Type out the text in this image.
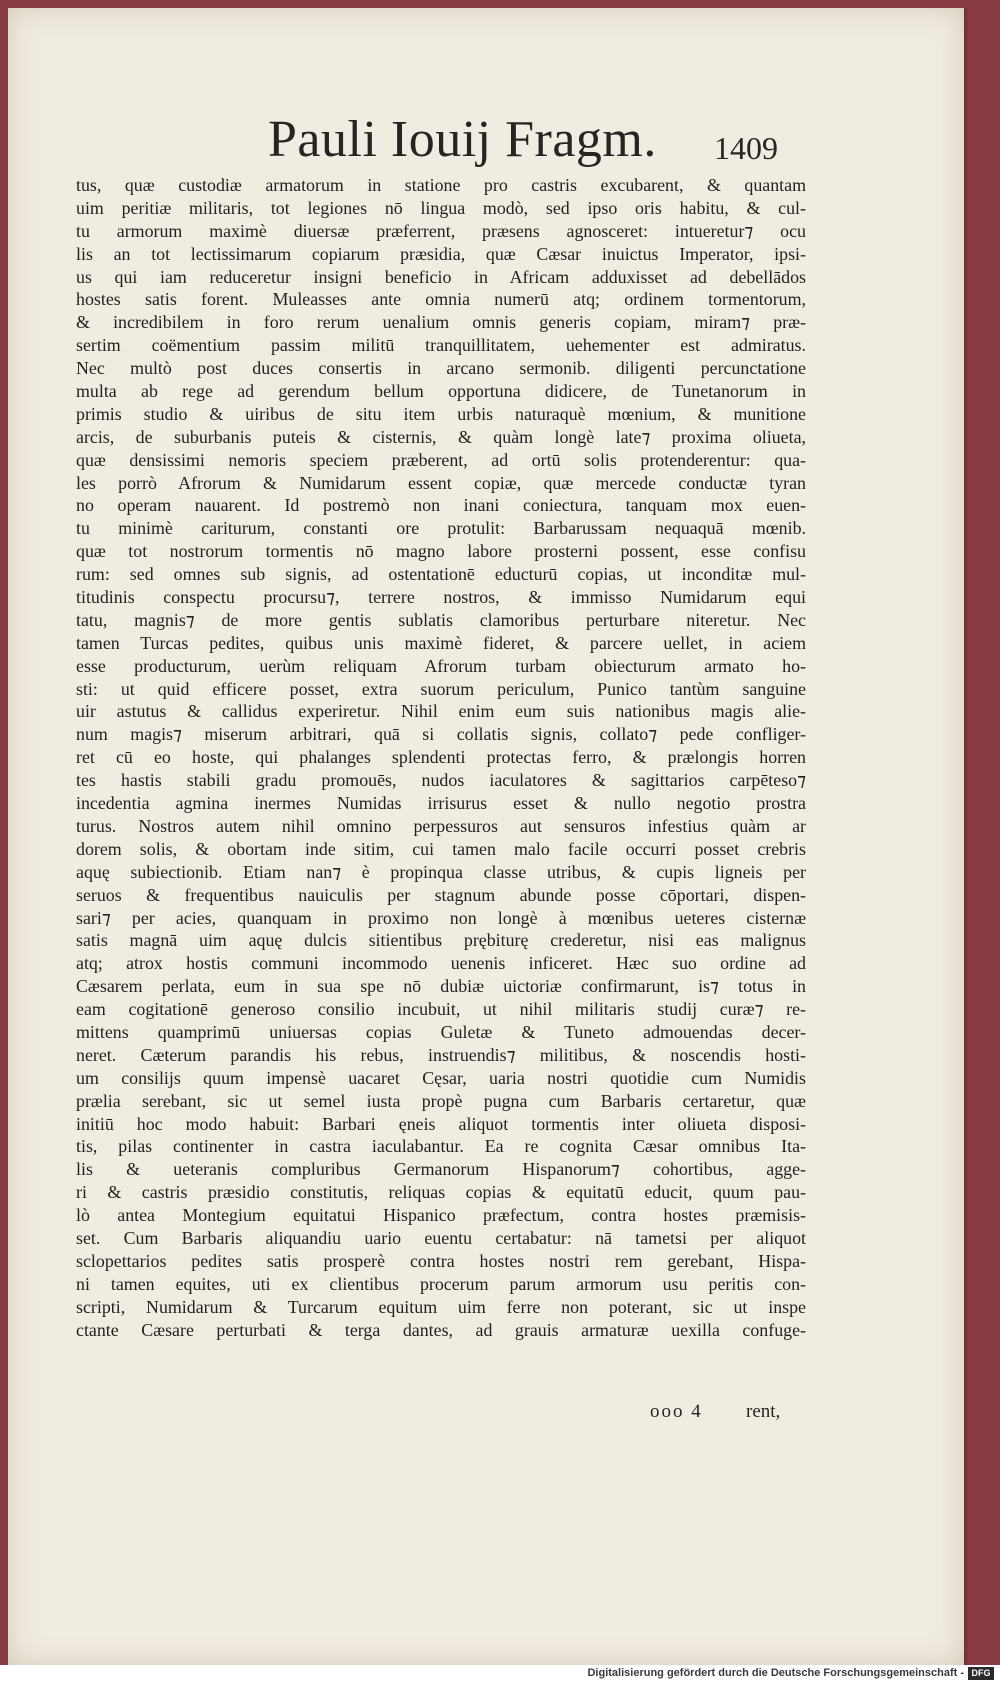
Pauli Iouij Fragm. 1409
tus, quæ custodiæ armatorum in statione pro castris excubarent, & quantam
uim peritiæ militaris, tot legiones nō lingua modò, sed ipso oris habitu, & cul-
tu armorum maximè diuersæ præferrent, præsens agnosceret: intueretur⁊ ocu
lis an tot lectissimarum copiarum præsidia, quæ Cæsar inuictus Imperator, ipsi-
us qui iam reduceretur insigni beneficio in Africam adduxisset ad debellādos
hostes satis forent. Muleasses ante omnia numerū atq; ordinem tormentorum,
& incredibilem in foro rerum uenalium omnis generis copiam, miram⁊ præ-
sertim coëmentium passim militū tranquillitatem, uehementer est admiratus.
Nec multò post duces consertis in arcano sermonib. diligenti percunctatione
multa ab rege ad gerendum bellum opportuna didicere, de Tunetanorum in
primis studio & uiribus de situ item urbis naturaquè mœnium, & munitione
arcis, de suburbanis puteis & cisternis, & quàm longè late⁊ proxima oliueta,
quæ densissimi nemoris speciem præberent, ad ortū solis protenderentur: qua-
les porrò Afrorum & Numidarum essent copiæ, quæ mercede conductæ tyran
no operam nauarent. Id postremò non inani coniectura, tanquam mox euen-
tu minimè cariturum, constanti ore protulit: Barbarussam nequaquā mœnib.
quæ tot nostrorum tormentis nō magno labore prosterni possent, esse confisu
rum: sed omnes sub signis, ad ostentationē educturū copias, ut inconditæ mul-
titudinis conspectu procursu⁊, terrere nostros, & immisso Numidarum equi
tatu, magnis⁊ de more gentis sublatis clamoribus perturbare niteretur. Nec
tamen Turcas pedites, quibus unis maximè fideret, & parcere uellet, in aciem
esse producturum, uerùm reliquam Afrorum turbam obiecturum armato ho-
sti: ut quid efficere posset, extra suorum periculum, Punico tantùm sanguine
uir astutus & callidus experiretur. Nihil enim eum suis nationibus magis alie-
num magis⁊ miserum arbitrari, quā si collatis signis, collato⁊ pede confliger-
ret cū eo hoste, qui phalanges splendenti protectas ferro, & prælongis horren
tes hastis stabili gradu promouēs, nudos iaculatores & sagittarios carpēteso⁊
incedentia agmina inermes Numidas irrisurus esset & nullo negotio prostra
turus. Nostros autem nihil omnino perpessuros aut sensuros infestius quàm ar
dorem solis, & obortam inde sitim, cui tamen malo facile occurri posset crebris
aquę subiectionib. Etiam nan⁊ è propinqua classe utribus, & cupis ligneis per
seruos & frequentibus nauiculis per stagnum abunde posse cōportari, dispen-
sari⁊ per acies, quanquam in proximo non longè à mœnibus ueteres cisternæ
satis magnā uim aquę dulcis sitientibus prębiturę crederetur, nisi eas malignus
atq; atrox hostis communi incommodo uenenis inficeret. Hæc suo ordine ad
Cæsarem perlata, eum in sua spe nō dubiæ uictoriæ confirmarunt, is⁊ totus in
eam cogitationē generoso consilio incubuit, ut nihil militaris studij curæ⁊ re-
mittens quamprimū uniuersas copias Guletæ & Tuneto admouendas decer-
neret. Cæterum parandis his rebus, instruendis⁊ militibus, & noscendis hosti-
um consilijs quum impensè uacaret Cęsar, uaria nostri quotidie cum Numidis
prælia serebant, sic ut semel iusta propè pugna cum Barbaris certaretur, quæ
initiū hoc modo habuit: Barbari ęneis aliquot tormentis inter oliueta disposi-
tis, pilas continenter in castra iaculabantur. Ea re cognita Cæsar omnibus Ita-
lis & ueteranis compluribus Germanorum Hispanorum⁊ cohortibus, agge-
ri & castris præsidio constitutis, reliquas copias & equitatū educit, quum pau-
lò antea Montegium equitatui Hispanico præfectum, contra hostes præmisis-
set. Cum Barbaris aliquandiu uario euentu certabatur: nā tametsi per aliquot
sclopettarios pedites satis prosperè contra hostes nostri rem gerebant, Hispa-
ni tamen equites, uti ex clientibus procerum parum armorum usu peritis con-
scripti, Numidarum & Turcarum equitum uim ferre non poterant, sic ut inspe
ctante Cæsare perturbati & terga dantes, ad grauis armaturæ uexilla confuge-
ooo 4 rent,
Digitalisierung gefördert durch die Deutsche Forschungsgemeinschaft - DFG
